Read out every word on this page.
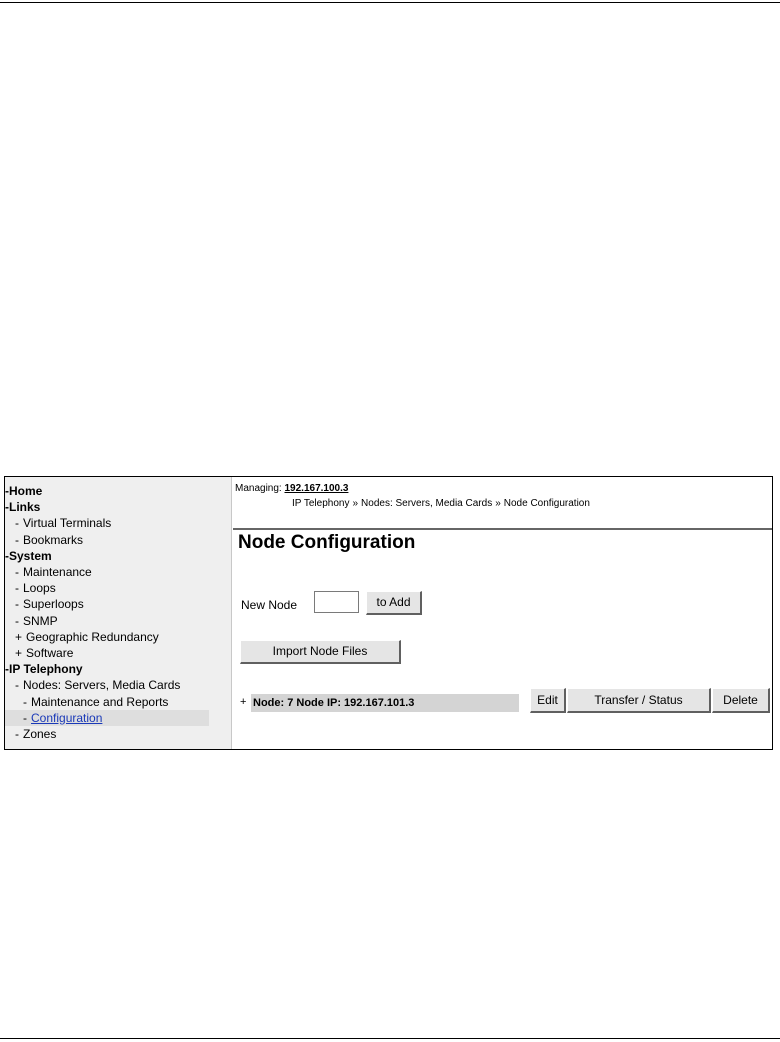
-Home
-Links
- Virtual Terminals
- Bookmarks
-System
- Maintenance
- Loops
- Superloops
- SNMP
+ Geographic Redundancy
+ Software
-IP Telephony
- Nodes: Servers, Media Cards
- Maintenance and Reports
- Configuration
- Zones
Managing: 192.167.100.3
IP Telephony » Nodes: Servers, Media Cards » Node Configuration
Node Configuration
New Node	to Add
Import Node Files
+ Node: 7 Node IP: 192.167.101.3	Edit	Transfer / Status	Delete
